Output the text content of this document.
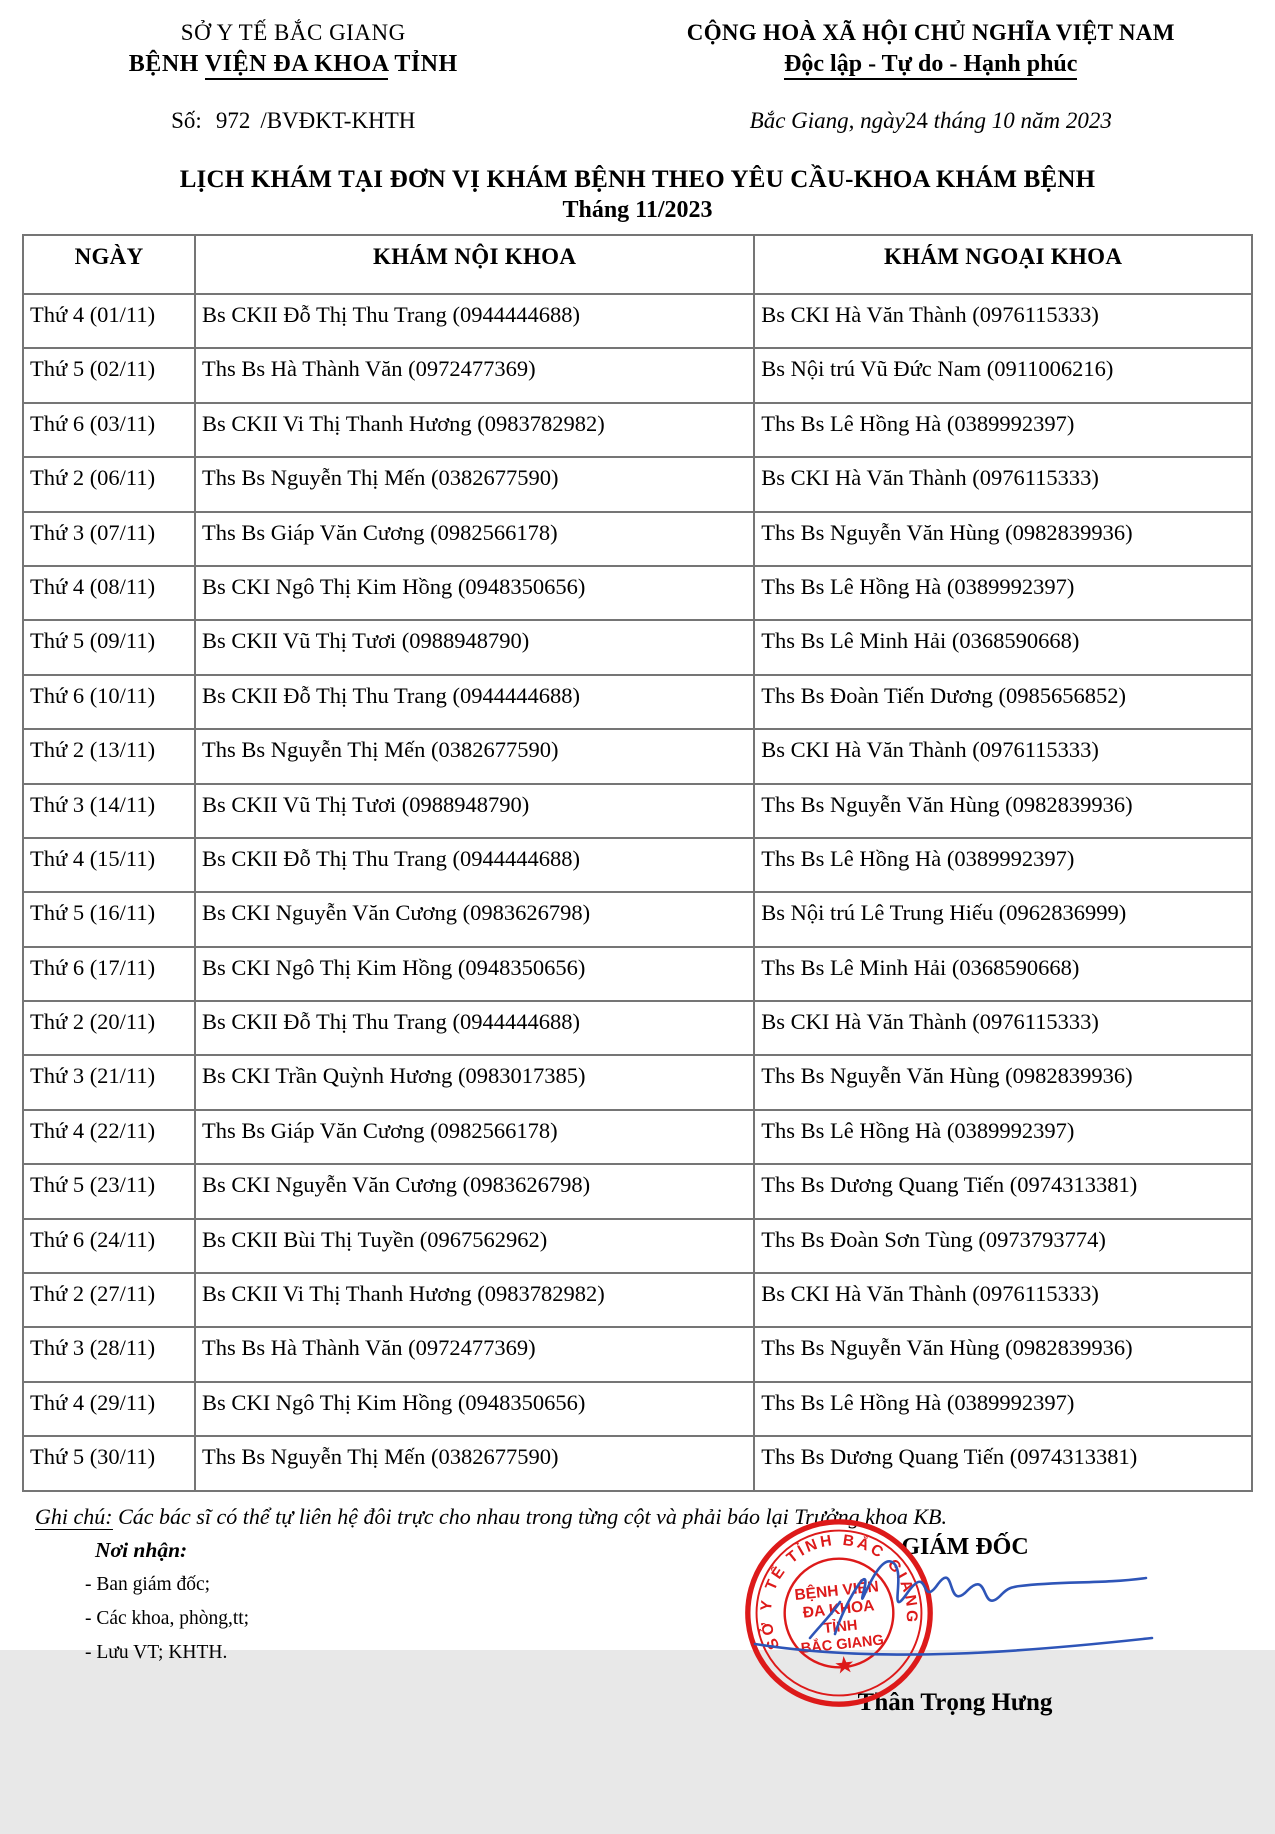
SỞ Y TẾ BẮC GIANG
BỆNH VIỆN ĐA KHOA TỈNH
CỘNG HOÀ XÃ HỘI CHỦ NGHĨA VIỆT NAM
Độc lập - Tự do - Hạnh phúc
Số: 972 /BVĐKT-KHTH	Bắc Giang, ngày24 tháng 10 năm 2023
LỊCH KHÁM TẠI ĐƠN VỊ KHÁM BỆNH THEO YÊU CẦU-KHOA KHÁM BỆNH
Tháng 11/2023
NGÀY	KHÁM NỘI KHOA	KHÁM NGOẠI KHOA
Thứ 4 (01/11)	Bs CKII Đỗ Thị Thu Trang (0944444688)	Bs CKI Hà Văn Thành (0976115333)
Thứ 5 (02/11)	Ths Bs Hà Thành Văn (0972477369)	Bs Nội trú Vũ Đức Nam (0911006216)
Thứ 6 (03/11)	Bs CKII Vi Thị Thanh Hương (0983782982)	Ths Bs Lê Hồng Hà (0389992397)
Thứ 2 (06/11)	Ths Bs Nguyễn Thị Mến (0382677590)	Bs CKI Hà Văn Thành (0976115333)
Thứ 3 (07/11)	Ths Bs Giáp Văn Cương (0982566178)	Ths Bs Nguyễn Văn Hùng (0982839936)
Thứ 4 (08/11)	Bs CKI Ngô Thị Kim Hồng (0948350656)	Ths Bs Lê Hồng Hà (0389992397)
Thứ 5 (09/11)	Bs CKII Vũ Thị Tươi (0988948790)	Ths Bs Lê Minh Hải (0368590668)
Thứ 6 (10/11)	Bs CKII Đỗ Thị Thu Trang (0944444688)	Ths Bs Đoàn Tiến Dương (0985656852)
Thứ 2 (13/11)	Ths Bs Nguyễn Thị Mến (0382677590)	Bs CKI Hà Văn Thành (0976115333)
Thứ 3 (14/11)	Bs CKII Vũ Thị Tươi (0988948790)	Ths Bs Nguyễn Văn Hùng (0982839936)
Thứ 4 (15/11)	Bs CKII Đỗ Thị Thu Trang (0944444688)	Ths Bs Lê Hồng Hà (0389992397)
Thứ 5 (16/11)	Bs CKI Nguyễn Văn Cương (0983626798)	Bs Nội trú Lê Trung Hiếu (0962836999)
Thứ 6 (17/11)	Bs CKI Ngô Thị Kim Hồng (0948350656)	Ths Bs Lê Minh Hải (0368590668)
Thứ 2 (20/11)	Bs CKII Đỗ Thị Thu Trang (0944444688)	Bs CKI Hà Văn Thành (0976115333)
Thứ 3 (21/11)	Bs CKI Trần Quỳnh Hương (0983017385)	Ths Bs Nguyễn Văn Hùng (0982839936)
Thứ 4 (22/11)	Ths Bs Giáp Văn Cương (0982566178)	Ths Bs Lê Hồng Hà (0389992397)
Thứ 5 (23/11)	Bs CKI Nguyễn Văn Cương (0983626798)	Ths Bs Dương Quang Tiến (0974313381)
Thứ 6 (24/11)	Bs CKII Bùi Thị Tuyền (0967562962)	Ths Bs Đoàn Sơn Tùng (0973793774)
Thứ 2 (27/11)	Bs CKII Vi Thị Thanh Hương (0983782982)	Bs CKI Hà Văn Thành (0976115333)
Thứ 3 (28/11)	Ths Bs Hà Thành Văn (0972477369)	Ths Bs Nguyễn Văn Hùng (0982839936)
Thứ 4 (29/11)	Bs CKI Ngô Thị Kim Hồng (0948350656)	Ths Bs Lê Hồng Hà (0389992397)
Thứ 5 (30/11)	Ths Bs Nguyễn Thị Mến (0382677590)	Ths Bs Dương Quang Tiến (0974313381)
Ghi chú: Các bác sĩ có thể tự liên hệ đôi trực cho nhau trong từng cột và phải báo lại Trưởng khoa KB.
Nơi nhận:
- Ban giám đốc;
- Các khoa, phòng,tt;
- Lưu VT; KHTH.
GIÁM ĐỐC
SỞ Y TẾ TỈNH BẮC GIANG
★
BỆNH VIỆN
ĐA KHOA
TỈNH
BẮC GIANG
Thân Trọng Hưng
